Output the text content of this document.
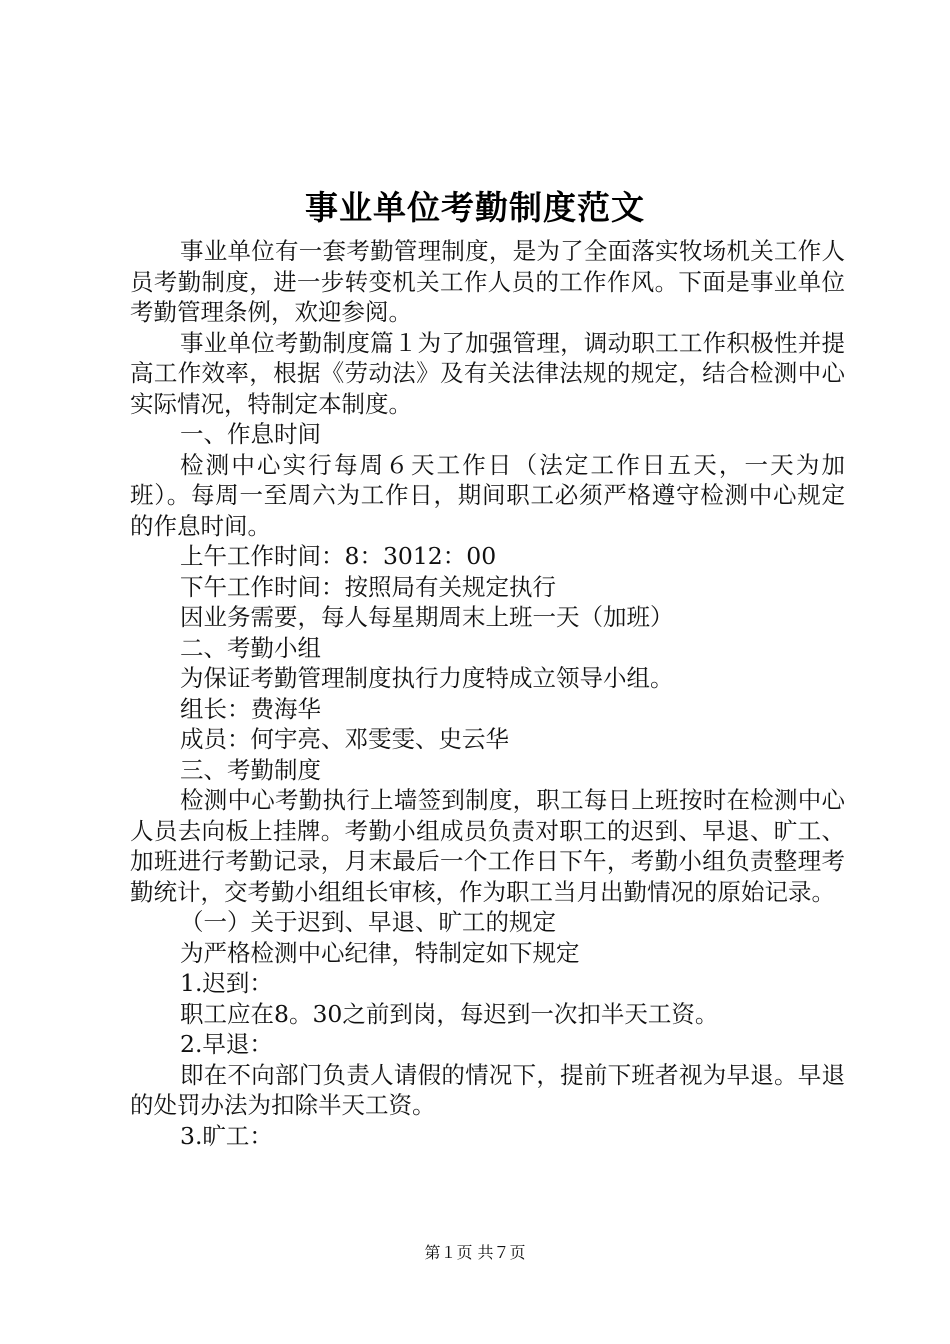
事业单位考勤制度范文

事业单位有一套考勤管理制度，是为了全面落实牧场机关工作人员考勤制度，进一步转变机关工作人员的工作作风。下面是事业单位考勤管理条例，欢迎参阅。

事业单位考勤制度篇１为了加强管理，调动职工工作积极性并提高工作效率，根据《劳动法》及有关法律法规的规定，结合检测中心实际情况，特制定本制度。

一、作息时间

检测中心实行每周６天工作日（法定工作日五天，一天为加班）。每周一至周六为工作日，期间职工必须严格遵守检测中心规定的作息时间。

上午工作时间：8：3012：00

下午工作时间：按照局有关规定执行

因业务需要，每人每星期周末上班一天（加班）

二、考勤小组

为保证考勤管理制度执行力度特成立领导小组。

组长：费海华

成员：何宇亮、邓雯雯、史云华

三、考勤制度

检测中心考勤执行上墙签到制度，职工每日上班按时在检测中心人员去向板上挂牌。考勤小组成员负责对职工的迟到、早退、旷工、加班进行考勤记录，月末最后一个工作日下午，考勤小组负责整理考勤统计，交考勤小组组长审核，作为职工当月出勤情况的原始记录。

（一）关于迟到、早退、旷工的规定

为严格检测中心纪律，特制定如下规定

1.迟到：

职工应在8。30之前到岗，每迟到一次扣半天工资。

2.早退：

即在不向部门负责人请假的情况下，提前下班者视为早退。早退的处罚办法为扣除半天工资。

3.旷工：

第１页 共７页
